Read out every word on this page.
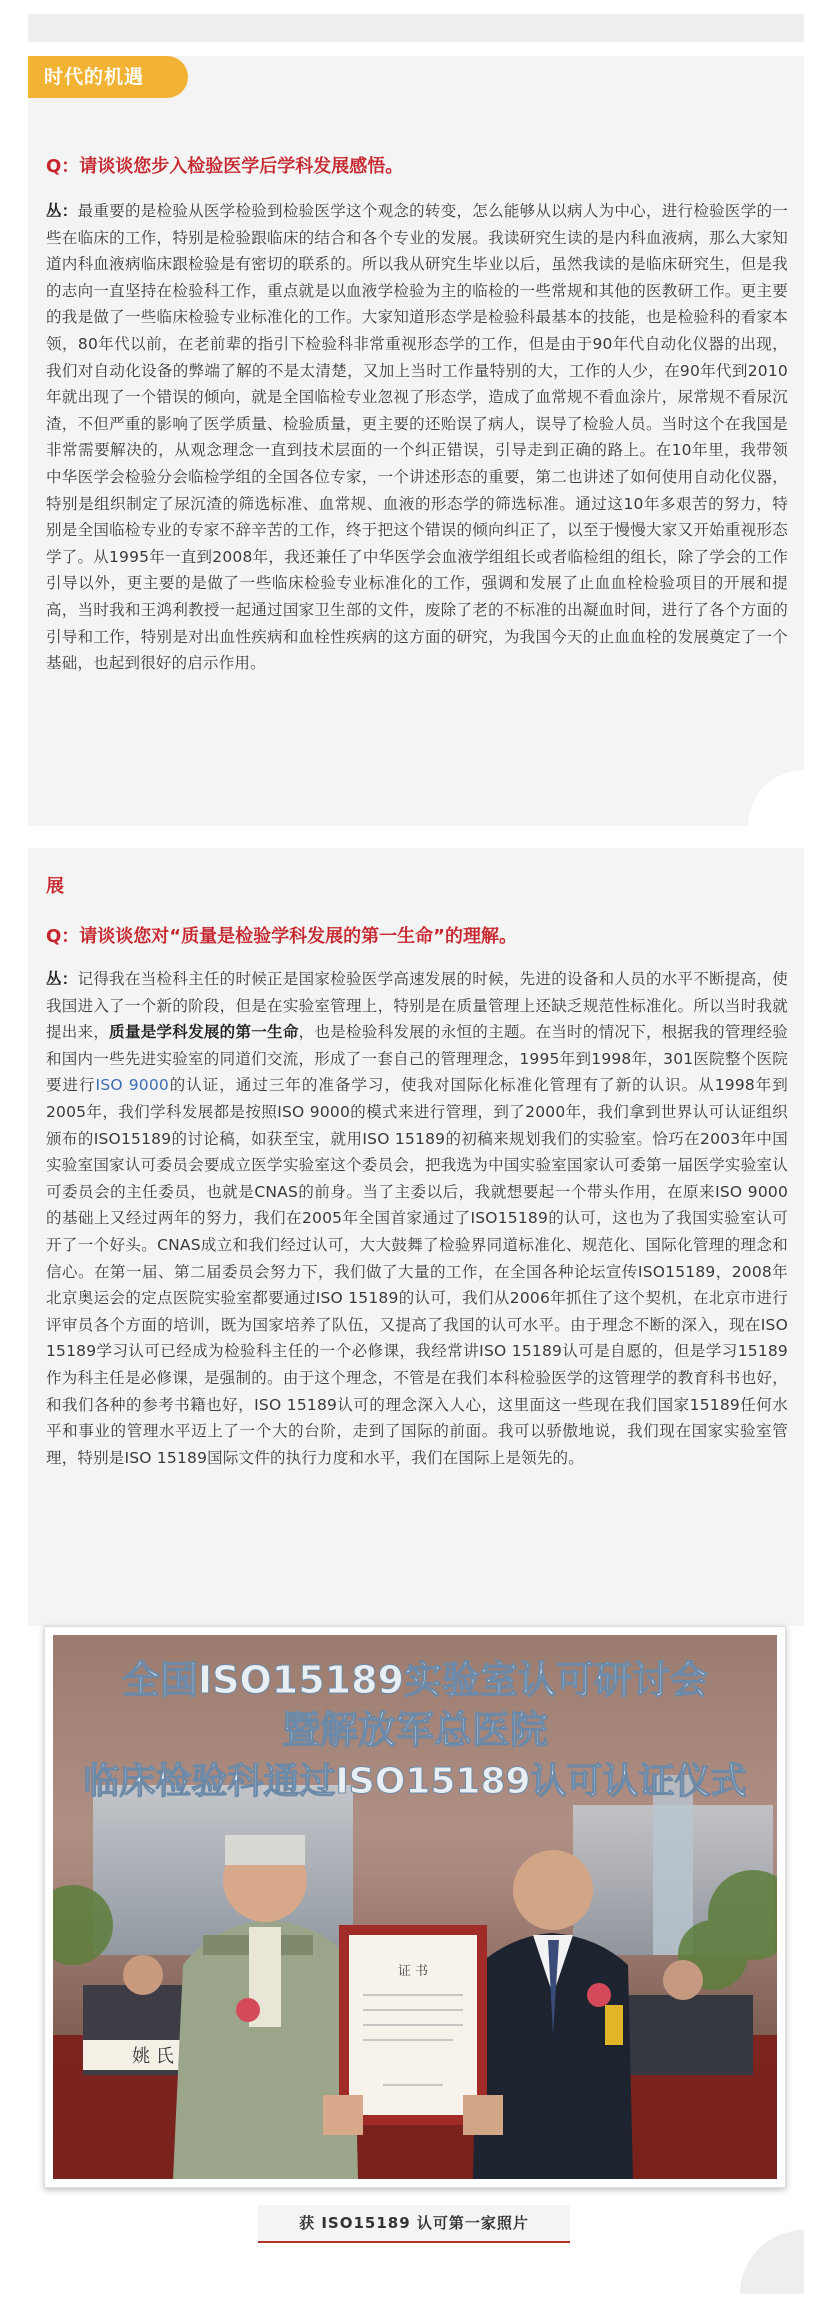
时代的机遇
Q：请谈谈您步入检验医学后学科发展感悟。
丛：最重要的是检验从医学检验到检验医学这个观念的转变，怎么能够从以病人为中心，进行检验医学的一些在临床的工作，特别是检验跟临床的结合和各个专业的发展。我读研究生读的是内科血液病，那么大家知道内科血液病临床跟检验是有密切的联系的。所以我从研究生毕业以后，虽然我读的是临床研究生，但是我的志向一直坚持在检验科工作，重点就是以血液学检验为主的临检的一些常规和其他的医教研工作。更主要的我是做了一些临床检验专业标准化的工作。大家知道形态学是检验科最基本的技能，也是检验科的看家本领，80年代以前，在老前辈的指引下检验科非常重视形态学的工作，但是由于90年代自动化仪器的出现，我们对自动化设备的弊端了解的不是太清楚，又加上当时工作量特别的大，工作的人少，在90年代到2010年就出现了一个错误的倾向，就是全国临检专业忽视了形态学，造成了血常规不看血涂片，尿常规不看尿沉渣，不但严重的影响了医学质量、检验质量，更主要的还贻误了病人，误导了检验人员。当时这个在我国是非常需要解决的，从观念理念一直到技术层面的一个纠正错误，引导走到正确的路上。在10年里，我带领中华医学会检验分会临检学组的全国各位专家，一个讲述形态的重要，第二也讲述了如何使用自动化仪器，特别是组织制定了尿沉渣的筛选标准、血常规、血液的形态学的筛选标准。通过这10年多艰苦的努力，特别是全国临检专业的专家不辞辛苦的工作，终于把这个错误的倾向纠正了，以至于慢慢大家又开始重视形态学了。从1995年一直到2008年，我还兼任了中华医学会血液学组组长或者临检组的组长，除了学会的工作引导以外，更主要的是做了一些临床检验专业标准化的工作，强调和发展了止血血栓检验项目的开展和提高，当时我和王鸿利教授一起通过国家卫生部的文件，废除了老的不标准的出凝血时间，进行了各个方面的引导和工作，特别是对出血性疾病和血栓性疾病的这方面的研究，为我国今天的止血血栓的发展奠定了一个基础，也起到很好的启示作用。
展
Q：请谈谈您对“质量是检验学科发展的第一生命”的理解。
丛：记得我在当检科主任的时候正是国家检验医学高速发展的时候，先进的设备和人员的水平不断提高，使我国进入了一个新的阶段，但是在实验室管理上，特别是在质量管理上还缺乏规范性标准化。所以当时我就提出来，质量是学科发展的第一生命，也是检验科发展的永恒的主题。在当时的情况下，根据我的管理经验和国内一些先进实验室的同道们交流，形成了一套自己的管理理念，1995年到1998年，301医院整个医院要进行ISO 9000的认证，通过三年的准备学习，使我对国际化标准化管理有了新的认识。从1998年到2005年，我们学科发展都是按照ISO 9000的模式来进行管理，到了2000年，我们拿到世界认可认证组织颁布的ISO15189的讨论稿，如获至宝，就用ISO 15189的初稿来规划我们的实验室。恰巧在2003年中国实验室国家认可委员会要成立医学实验室这个委员会，把我选为中国实验室国家认可委第一届医学实验室认可委员会的主任委员，也就是CNAS的前身。当了主委以后，我就想要起一个带头作用，在原来ISO 9000的基础上又经过两年的努力，我们在2005年全国首家通过了ISO15189的认可，这也为了我国实验室认可开了一个好头。CNAS成立和我们经过认可，大大鼓舞了检验界同道标准化、规范化、国际化管理的理念和信心。在第一届、第二届委员会努力下，我们做了大量的工作，在全国各种论坛宣传ISO15189，2008年北京奥运会的定点医院实验室都要通过ISO 15189的认可，我们从2006年抓住了这个契机，在北京市进行评审员各个方面的培训，既为国家培养了队伍，又提高了我国的认可水平。由于理念不断的深入，现在ISO 15189学习认可已经成为检验科主任的一个必修课，我经常讲ISO 15189认可是自愿的，但是学习15189作为科主任是必修课，是强制的。由于这个理念，不管是在我们本科检验医学的这管理学的教育科书也好，和我们各种的参考书籍也好，ISO 15189认可的理念深入人心，这里面这一些现在我们国家15189任何水平和事业的管理水平迈上了一个大的台阶，走到了国际的前面。我可以骄傲地说，我们现在国家实验室管理，特别是ISO 15189国际文件的执行力度和水平，我们在国际上是领先的。
全国ISO15189实验室认可研讨会
暨解放军总医院
临床检验科通过ISO15189认可认证仪式
姚 氏
证 书
获 ISO15189 认可第一家照片
